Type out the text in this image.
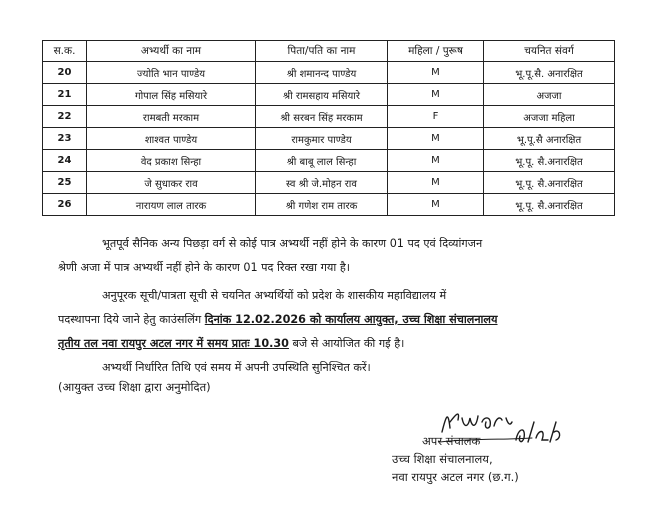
स.क.	अभ्यर्थी का नाम	पिता/पति का नाम	महिला / पुरूष	चयनित संवर्ग
20	ज्योति भान पाण्डेय	श्री शमानन्द पाण्डेय	M	भू.पू.सै. अनारक्षित
21	गोपाल सिंह मसियारे	श्री रामसहाय मसियारे	M	अजजा
22	रामबती मरकाम	श्री सरबन सिंह मरकाम	F	अजजा महिला
23	शाश्वत पाण्डेय	रामकुमार पाण्डेय	M	भू.पू.सै अनारक्षित
24	वेद प्रकाश सिन्हा	श्री बाबू लाल सिन्हा	M	भू.पू. सै.अनारक्षित
25	जे सुधाकर राव	स्व श्री जे.मोहन राव	M	भू.पू. सै.अनारक्षित
26	नारायण लाल तारक	श्री गणेश राम तारक	M	भू.पू. सै.अनारक्षित
भूतपूर्व सैनिक अन्य पिछड़ा वर्ग से कोई पात्र अभ्यर्थी नहीं होने के कारण 01 पद एवं दिव्यांगजन
श्रेणी अजा में पात्र अभ्यर्थी नहीं होने के कारण 01 पद रिक्त रखा गया है।
अनुपूरक सूची/पात्रता सूची से चयनित अभ्यर्थियों को प्रदेश के शासकीय महाविद्यालय में
पदस्थापना दिये जाने हेतु काउंसलिंग दिनांक 12.02.2026 को कार्यालय आयुक्त, उच्च शिक्षा संचालनालय
तृतीय तल नवा रायपुर अटल नगर में समय प्रातः 10.30 बजे से आयोजित की गई है।
अभ्यर्थी निर्धारित तिथि एवं समय में अपनी उपस्थिति सुनिश्चित करें।
(आयुक्त उच्च शिक्षा द्वारा अनुमोदित)
अपर संचालक
उच्च शिक्षा संचालनालय,
नवा रायपुर अटल नगर (छ.ग.)
